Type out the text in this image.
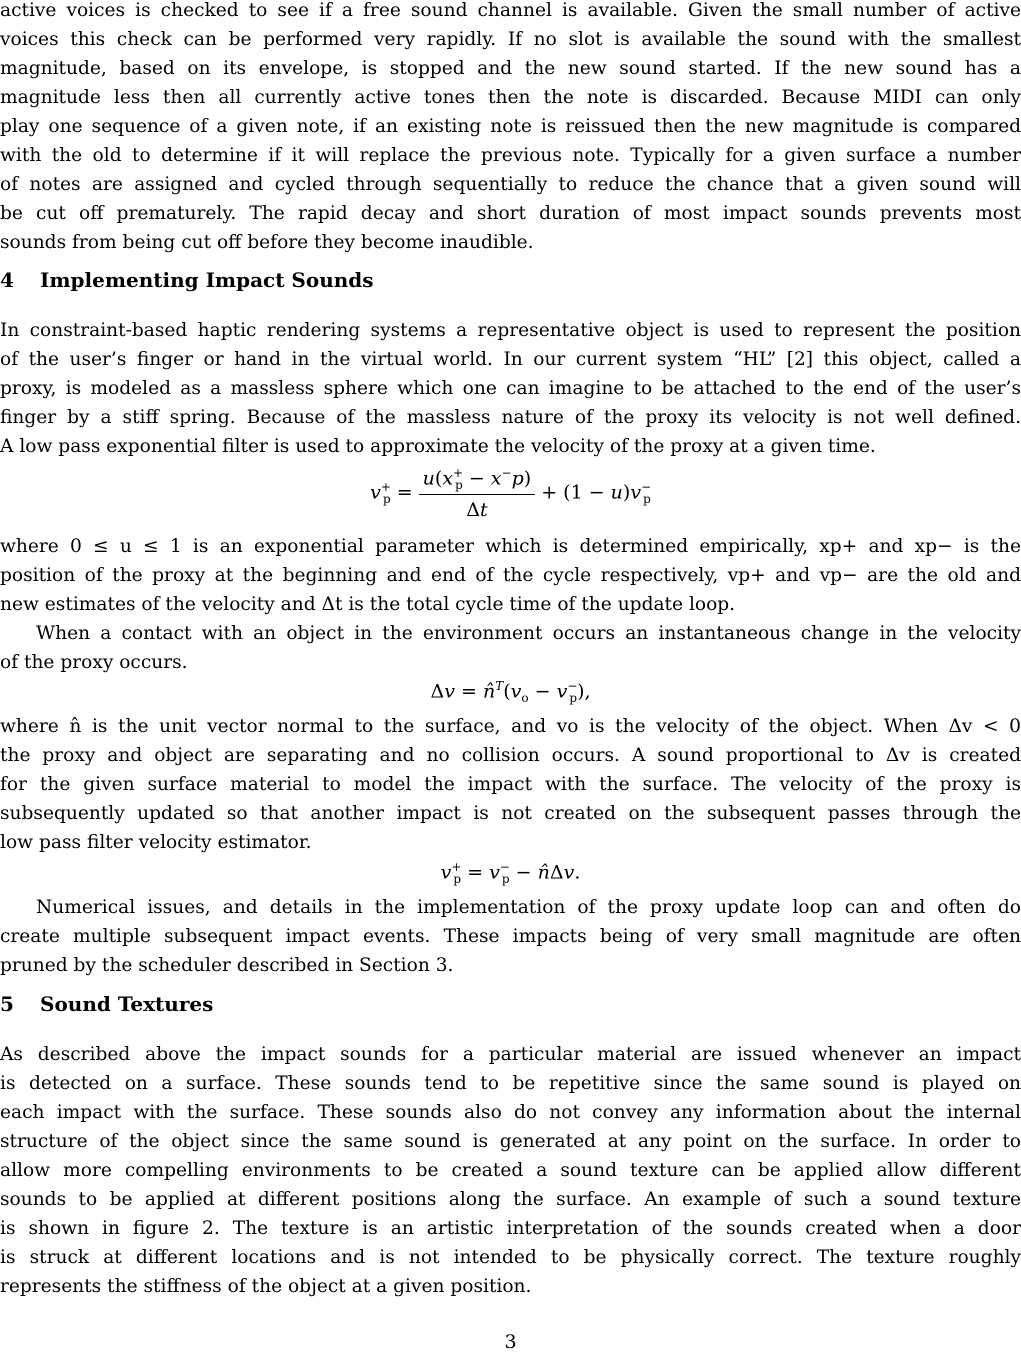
active voices is checked to see if a free sound channel is available. Given the small number of active
voices this check can be performed very rapidly. If no slot is available the sound with the smallest
magnitude, based on its envelope, is stopped and the new sound started. If the new sound has a
magnitude less then all currently active tones then the note is discarded. Because MIDI can only
play one sequence of a given note, if an existing note is reissued then the new magnitude is compared
with the old to determine if it will replace the previous note. Typically for a given surface a number
of notes are assigned and cycled through sequentially to reduce the chance that a given sound will
be cut off prematurely. The rapid decay and short duration of most impact sounds prevents most
sounds from being cut off before they become inaudible.
4 Implementing Impact Sounds
In constraint-based haptic rendering systems a representative object is used to represent the position
of the user’s finger or hand in the virtual world. In our current system “HL” [2] this object, called a
proxy, is modeled as a massless sphere which one can imagine to be attached to the end of the user’s
finger by a stiff spring. Because of the massless nature of the proxy its velocity is not well defined.
A low pass exponential filter is used to approximate the velocity of the proxy at a given time.
$v^+_p = \frac{u(x^+_p - x^-p)}{\Delta t} + (1 - u)v^-_p$
where 0 ≤ u ≤ 1 is an exponential parameter which is determined empirically, xp+ and xp− is the
position of the proxy at the beginning and end of the cycle respectively, vp+ and vp− are the old and
new estimates of the velocity and Δt is the total cycle time of the update loop.
When a contact with an object in the environment occurs an instantaneous change in the velocity
of the proxy occurs.
$\Delta v = n̂^T(v_o - v^-_p)$,
where n̂ is the unit vector normal to the surface, and vo is the velocity of the object. When Δv < 0
the proxy and object are separating and no collision occurs. A sound proportional to Δv is created
for the given surface material to model the impact with the surface. The velocity of the proxy is
subsequently updated so that another impact is not created on the subsequent passes through the
low pass filter velocity estimator.
$v^+_p = v^-_p$ − n̂Δv.
Numerical issues, and details in the implementation of the proxy update loop can and often do
create multiple subsequent impact events. These impacts being of very small magnitude are often
pruned by the scheduler described in Section 3.
5 Sound Textures
As described above the impact sounds for a particular material are issued whenever an impact
is detected on a surface. These sounds tend to be repetitive since the same sound is played on
each impact with the surface. These sounds also do not convey any information about the internal
structure of the object since the same sound is generated at any point on the surface. In order to
allow more compelling environments to be created a sound texture can be applied allow different
sounds to be applied at different positions along the surface. An example of such a sound texture
is shown in figure 2. The texture is an artistic interpretation of the sounds created when a door
is struck at different locations and is not intended to be physically correct. The texture roughly
represents the stiffness of the object at a given position.
3
